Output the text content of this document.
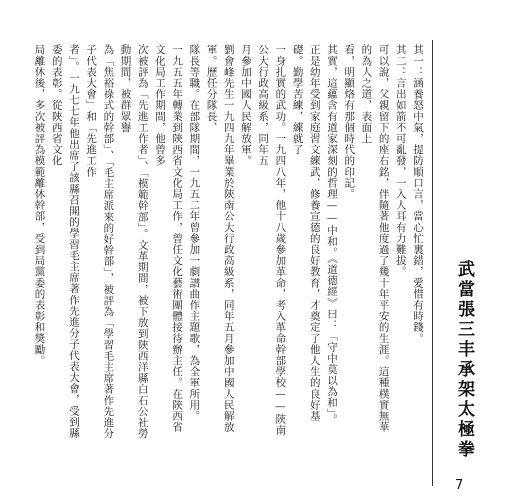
其一：涵養怒中氣，提防順口言，當心忙裏錯，愛惜有時錢。

其二：言出如箭不可亂發，一入人耳有力難拔。

可以說，父親留下的座右銘，伴隨著他度過了幾十年平安的生涯。這種樸實無華的為人之道，表面上

看，明顯烙有那個時代的印記。

其實，這蘊含有道家深刻的哲理——中和。《道德經》曰：「守中莫以為和」。

正是幼年受到家庭習文練武，修養宣德的良好教育，才奠定了他人生的良好基礎。勤學苦練，練就了

一身扎實的武功。一九四八年，他十八歲參加革命，考入革命幹部學校——陝南公大行政高級系，同年五

月參加中國人民解放軍。

劉會峰先生一九四九年畢業於陝南公大行政高級系，同年五月參加中國人民解放軍。歷任分隊長、

隊長等職。在部隊期間，一九五二年曾參加一劇譜曲作主題歌，為全軍所用。

一九五五年轉業到陝西省文化局工作，曾任文化藝術團體接待辦主任。在陝西省文化局工作期間，他曾多

次被評為「先進工作者」、「模範幹部」。文革期間，被下放到陝西洋縣白石公社勞動期間，被群眾譽

為「焦裕祿式的幹部」、「毛主席派來的好幹部」，被評為「學習毛主席著作先進分子代表大會」和「先進工作

者」。一九七七年他出席了該縣召開的學習毛主席著作先進分子代表大會，受到縣委的表彰。從陝西省文化

局離休後，多次被評為模範離休幹部，受到局黨委的表彰和獎勵。	武當張三丰承架太極拳
7
